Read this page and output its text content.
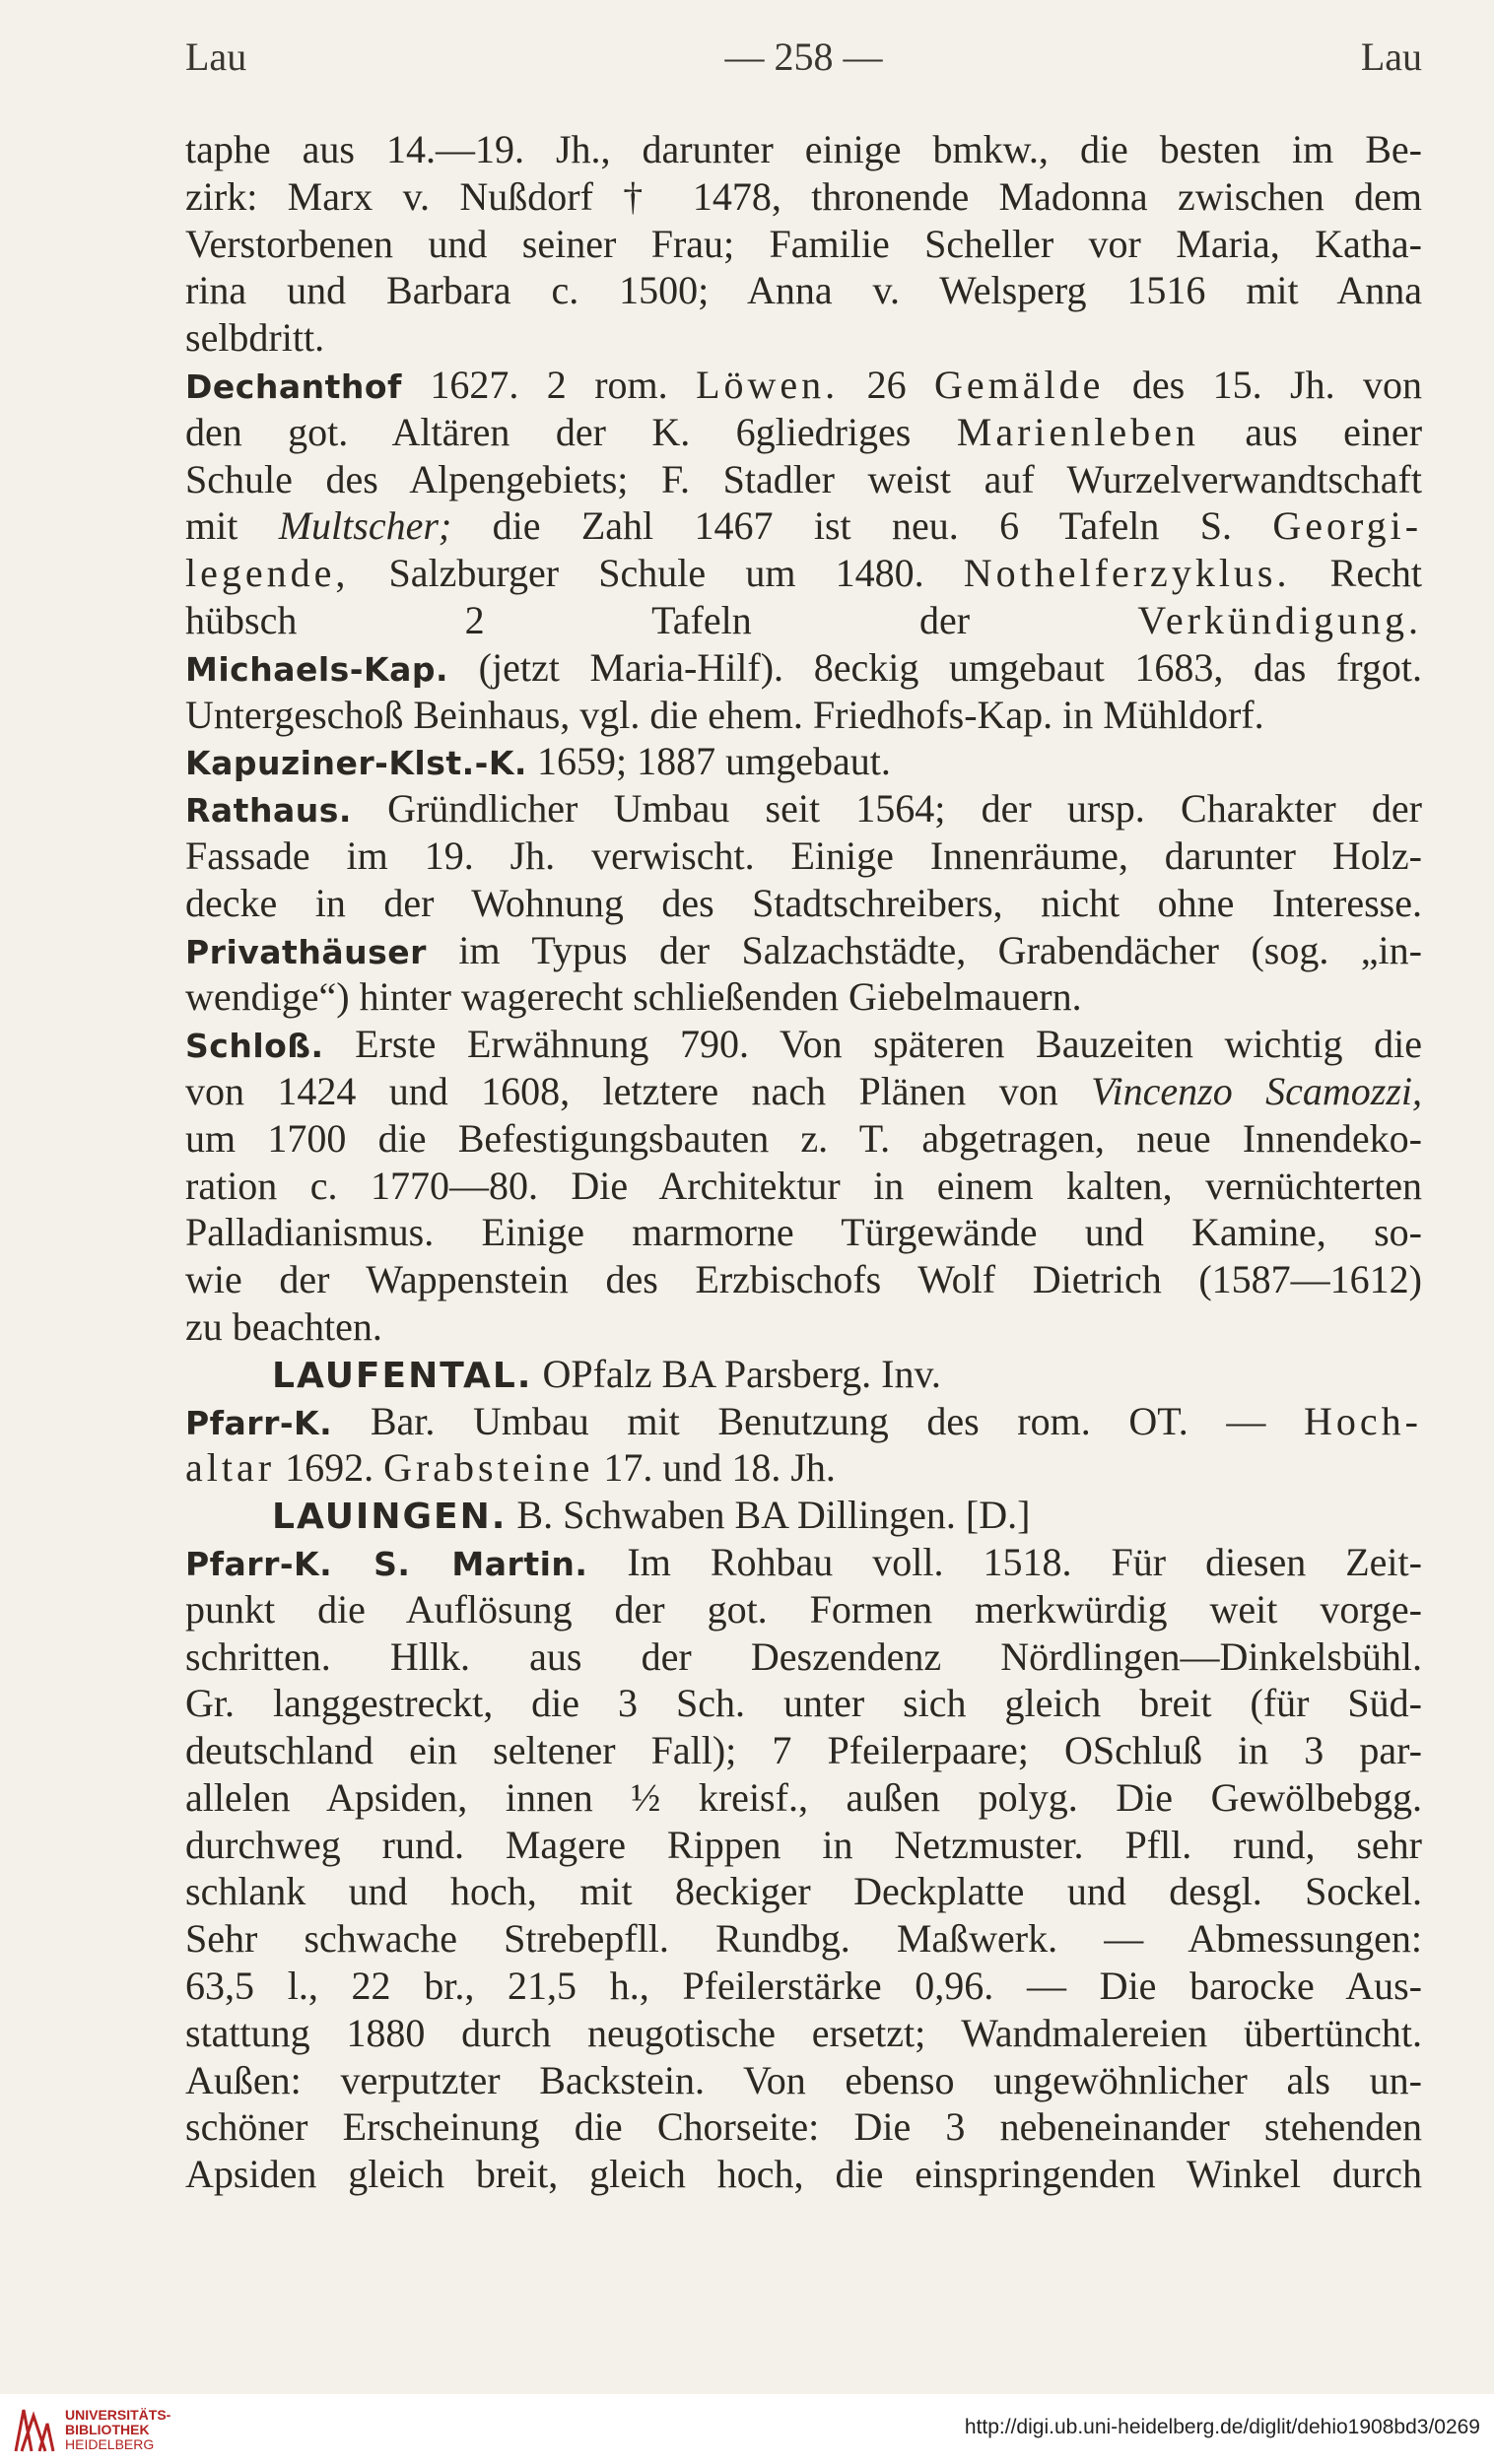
Lau	— 258 —	Lau
taphe aus 14.—19. Jh., darunter einige bmkw., die besten im Be-
zirk: Marx v. Nußdorf † 1478, thronende Madonna zwischen dem
Verstorbenen und seiner Frau; Familie Scheller vor Maria, Katha-
rina und Barbara c. 1500; Anna v. Welsperg 1516 mit Anna
selbdritt.
Dechanthof 1627. 2 rom. Löwen. 26 Gemälde des 15. Jh. von
den got. Altären der K. 6gliedriges Marienleben aus einer
Schule des Alpengebiets; F. Stadler weist auf Wurzelverwandtschaft
mit Multscher; die Zahl 1467 ist neu. 6 Tafeln S. Georgi-
legende, Salzburger Schule um 1480. Nothelferzyklus. Recht
hübsch 2 Tafeln der Verkündigung.
Michaels-Kap. (jetzt Maria-Hilf). 8eckig umgebaut 1683, das frgot.
Untergeschoß Beinhaus, vgl. die ehem. Friedhofs-Kap. in Mühldorf.
Kapuziner-Klst.-K. 1659; 1887 umgebaut.
Rathaus. Gründlicher Umbau seit 1564; der ursp. Charakter der
Fassade im 19. Jh. verwischt. Einige Innenräume, darunter Holz-
decke in der Wohnung des Stadtschreibers, nicht ohne Interesse.
Privathäuser im Typus der Salzachstädte, Grabendächer (sog. „in-
wendige“) hinter wagerecht schließenden Giebelmauern.
Schloß. Erste Erwähnung 790. Von späteren Bauzeiten wichtig die
von 1424 und 1608, letztere nach Plänen von Vincenzo Scamozzi,
um 1700 die Befestigungsbauten z. T. abgetragen, neue Innendeko-
ration c. 1770—80. Die Architektur in einem kalten, vernüchterten
Palladianismus. Einige marmorne Türgewände und Kamine, so-
wie der Wappenstein des Erzbischofs Wolf Dietrich (1587—1612)
zu beachten.
LAUFENTAL. OPfalz BA Parsberg. Inv.
Pfarr-K. Bar. Umbau mit Benutzung des rom. OT. — Hoch-
altar 1692. Grabsteine 17. und 18. Jh.
LAUINGEN. B. Schwaben BA Dillingen. [D.]
Pfarr-K. S. Martin. Im Rohbau voll. 1518. Für diesen Zeit-
punkt die Auflösung der got. Formen merkwürdig weit vorge-
schritten. Hllk. aus der Deszendenz Nördlingen—Dinkelsbühl.
Gr. langgestreckt, die 3 Sch. unter sich gleich breit (für Süd-
deutschland ein seltener Fall); 7 Pfeilerpaare; OSchluß in 3 par-
allelen Apsiden, innen ½ kreisf., außen polyg. Die Gewölbebgg.
durchweg rund. Magere Rippen in Netzmuster. Pfll. rund, sehr
schlank und hoch, mit 8eckiger Deckplatte und desgl. Sockel.
Sehr schwache Strebepfll. Rundbg. Maßwerk. — Abmessungen:
63,5 l., 22 br., 21,5 h., Pfeilerstärke 0,96. — Die barocke Aus-
stattung 1880 durch neugotische ersetzt; Wandmalereien übertüncht.
Außen: verputzter Backstein. Von ebenso ungewöhnlicher als un-
schöner Erscheinung die Chorseite: Die 3 nebeneinander stehenden
Apsiden gleich breit, gleich hoch, die einspringenden Winkel durch
UNIVERSITÄTS-
BIBLIOTHEK
HEIDELBERG
http://digi.ub.uni-heidelberg.de/diglit/dehio1908bd3/0269
